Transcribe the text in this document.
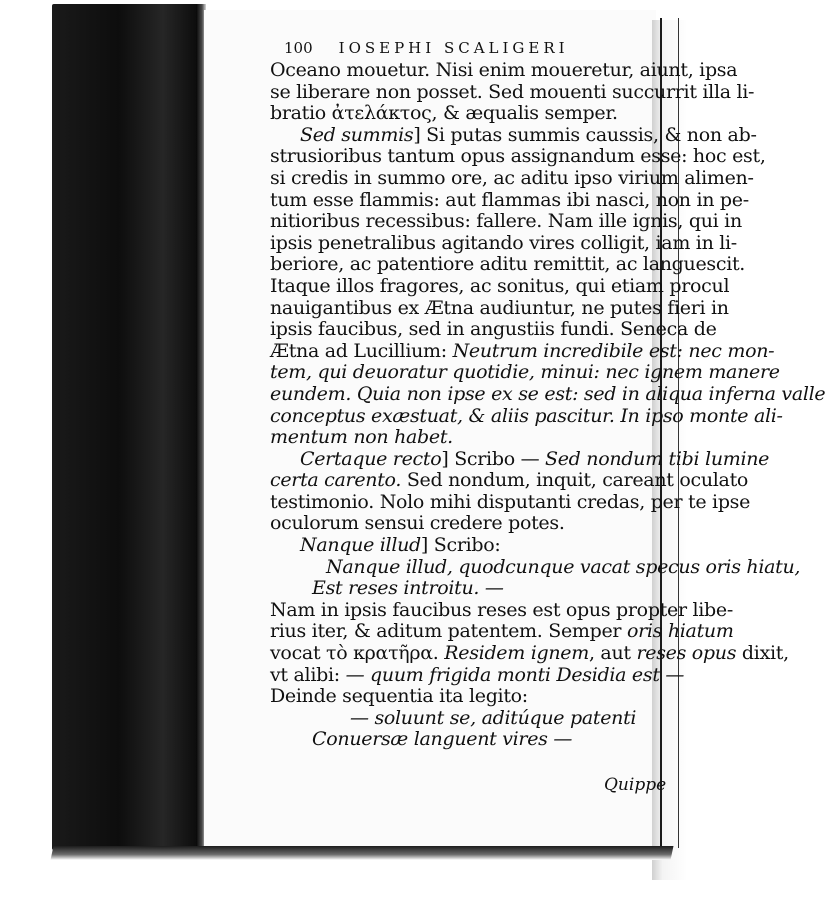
100 IOSEPHI SCALIGERI
Oceano mouetur. Nisi enim moueretur, aiunt, ipsa
se liberare non posset. Sed mouenti succurrit illa li-
bratio ἀτελάκτος, & æqualis semper.
Sed summis] Si putas summis caussis, & non ab-
strusioribus tantum opus assignandum esse: hoc est,
si credis in summo ore, ac aditu ipso virium alimen-
tum esse flammis: aut flammas ibi nasci, non in pe-
nitioribus recessibus: fallere. Nam ille ignis, qui in
ipsis penetralibus agitando vires colligit, iam in li-
beriore, ac patentiore aditu remittit, ac languescit.
Itaque illos fragores, ac sonitus, qui etiam procul
nauigantibus ex Ætna audiuntur, ne putes fieri in
ipsis faucibus, sed in angustiis fundi. Seneca de
Ætna ad Lucillium: Neutrum incredibile est: nec mon-
tem, qui deuoratur quotidie, minui: nec ignem manere
eundem. Quia non ipse ex se est: sed in aliqua inferna valle
conceptus exæstuat, & aliis pascitur. In ipso monte ali-
mentum non habet.
Certaque recto] Scribo — Sed nondum tibi lumine
certa carento. Sed nondum, inquit, careant oculato
testimonio. Nolo mihi disputanti credas, per te ipse
oculorum sensui credere potes.
Nanque illud] Scribo:
Nanque illud, quodcunque vacat specus oris hiatu,
Est reses introitu. —
Nam in ipsis faucibus reses est opus propter libe-
rius iter, & aditum patentem. Semper oris hiatum
vocat τὸ κρατῆρα. Residem ignem, aut reses opus dixit,
vt alibi: — quum frigida monti Desidia est —
Deinde sequentia ita legito:
— soluunt se, aditúque patenti
Conuersæ languent vires —
Quippe
